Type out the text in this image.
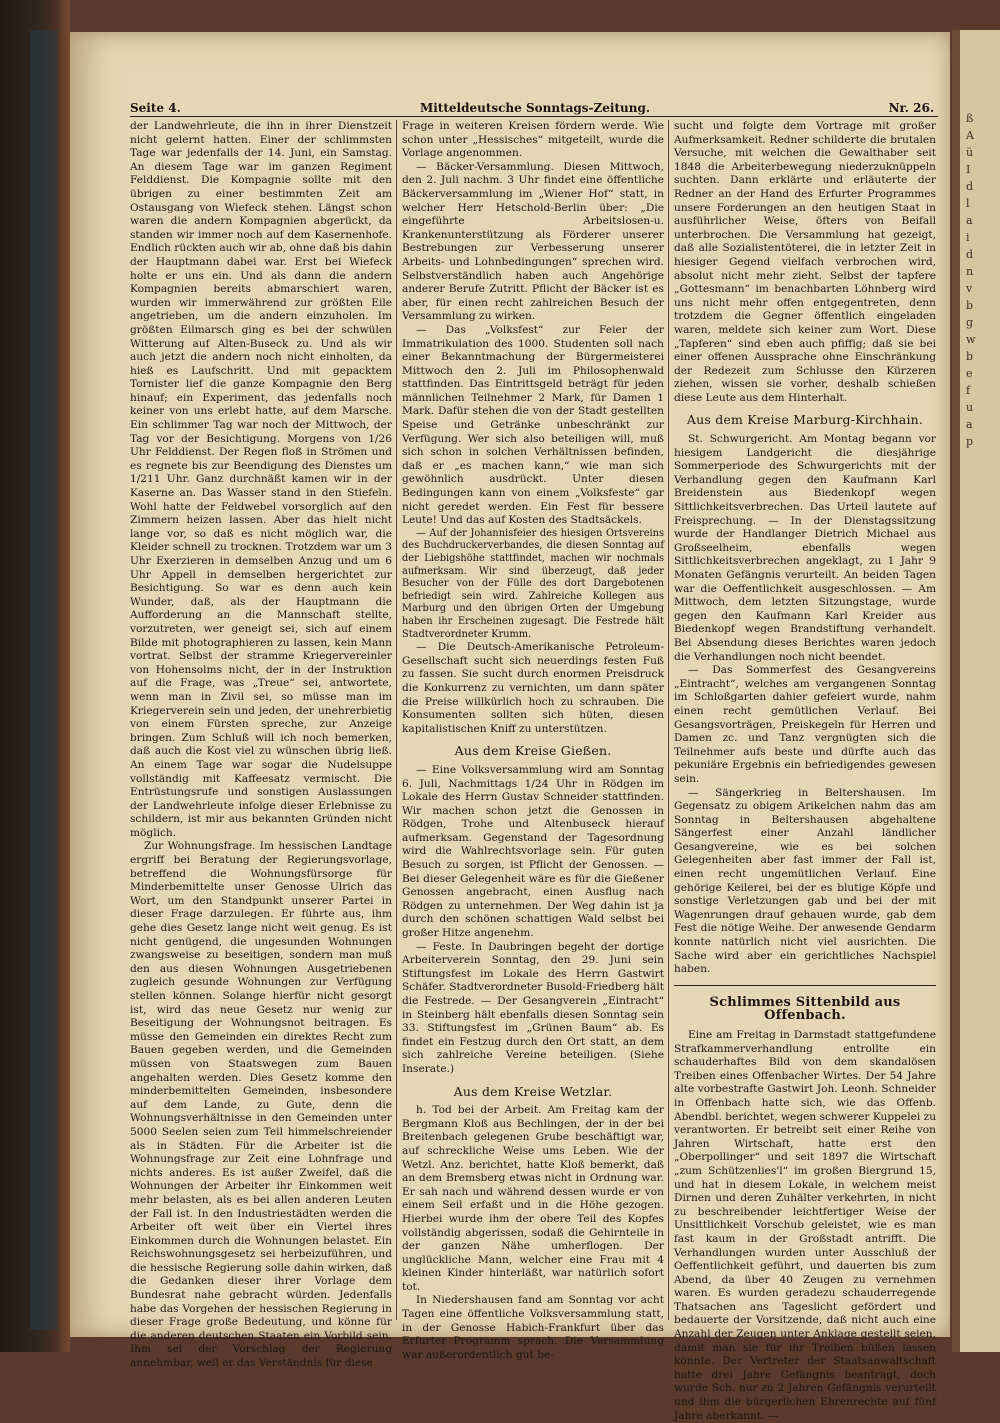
ß
A
ü
I
d
l
a
i
d
n
v
b
g
w
b
e
f
u
a
p
Seite 4.	Mitteldeutsche Sonntags-Zeitung.	Nr. 26.

der Landwehrleute, die ihn in ihrer Dienstzeit nicht gelernt hatten. Einer der schlimmsten Tage war jedenfalls der 14. Juni, ein Samstag. An diesem Tage war im ganzen Regiment Felddienst. Die Kompagnie sollte mit den übrigen zu einer bestimmten Zeit am Ostausgang von Wiefeck stehen. Längst schon waren die andern Kompagnien abgerückt, da standen wir immer noch auf dem Kasernenhofe. Endlich rückten auch wir ab, ohne daß bis dahin der Hauptmann dabei war. Erst bei Wiefeck holte er uns ein. Und als dann die andern Kompagnien bereits abmarschiert waren, wurden wir immerwährend zur größten Eile angetrieben, um die andern einzuholen. Im größten Eilmarsch ging es bei der schwülen Witterung auf Alten-Buseck zu. Und als wir auch jetzt die andern noch nicht einholten, da hieß es Laufschritt. Und mit gepacktem Tornister lief die ganze Kompagnie den Berg hinauf; ein Experiment, das jedenfalls noch keiner von uns erlebt hatte, auf dem Marsche. Ein schlimmer Tag war noch der Mittwoch, der Tag vor der Besichtigung. Morgens von 1/26 Uhr Felddienst. Der Regen floß in Strömen und es regnete bis zur Beendigung des Dienstes um 1/211 Uhr. Ganz durchnäßt kamen wir in der Kaserne an. Das Wasser stand in den Stiefeln. Wohl hatte der Feldwebel vorsorglich auf den Zimmern heizen lassen. Aber das hielt nicht lange vor, so daß es nicht möglich war, die Kleider schnell zu trocknen. Trotzdem war um 3 Uhr Exerzieren in demselben Anzug und um 6 Uhr Appell in demselben hergerichtet zur Besichtigung. So war es denn auch kein Wunder, daß, als der Hauptmann die Aufforderung an die Mannschaft stellte, vorzutreten, wer geneigt sei, sich auf einem Bilde mit photographieren zu lassen, kein Mann vortrat. Selbst der stramme Kriegervereinler von Hohensolms nicht, der in der Instruktion auf die Frage, was „Treue“ sei, antwortete, wenn man in Zivil sei, so müsse man im Kriegerverein sein und jeden, der unehrerbietig von einem Fürsten spreche, zur Anzeige bringen. Zum Schluß will ich noch bemerken, daß auch die Kost viel zu wünschen übrig ließ. An einem Tage war sogar die Nudelsuppe vollständig mit Kaffeesatz vermischt. Die Entrüstungsrufe und sonstigen Auslassungen der Landwehrleute infolge dieser Erlebnisse zu schildern, ist mir aus bekannten Gründen nicht möglich.

Zur Wohnungsfrage. Im hessischen Landtage ergriff bei Beratung der Regierungsvorlage, betreffend die Wohnungsfürsorge für Minderbemittelte unser Genosse Ulrich das Wort, um den Standpunkt unserer Partei in dieser Frage darzulegen. Er führte aus, ihm gehe dies Gesetz lange nicht weit genug. Es ist nicht genügend, die ungesunden Wohnungen zwangsweise zu beseitigen, sondern man muß den aus diesen Wohnungen Ausgetriebenen zugleich gesunde Wohnungen zur Verfügung stellen können. Solange hierfür nicht gesorgt ist, wird das neue Gesetz nur wenig zur Beseitigung der Wohnungsnot beitragen. Es müsse den Gemeinden ein direktes Recht zum Bauen gegeben werden, und die Gemeinden müssen von Staatswegen zum Bauen angehalten werden. Dies Gesetz komme den minderbemittelten Gemeinden, insbesondere auf dem Lande, zu Gute, denn die Wohnungsverhältnisse in den Gemeinden unter 5000 Seelen seien zum Teil himmelschreiender als in Städten. Für die Arbeiter ist die Wohnungsfrage zur Zeit eine Lohnfrage und nichts anderes. Es ist außer Zweifel, daß die Wohnungen der Arbeiter ihr Einkommen weit mehr belasten, als es bei allen anderen Leuten der Fall ist. In den Industriestädten werden die Arbeiter oft weit über ein Viertel ihres Einkommen durch die Wohnungen belastet. Ein Reichswohnungsgesetz sei herbeizuführen, und die hessische Regierung solle dahin wirken, daß die Gedanken dieser ihrer Vorlage dem Bundesrat nahe gebracht würden. Jedenfalls habe das Vorgehen der hessischen Regierung in dieser Frage große Bedeutung, und könne für die anderen deutschen Staaten ein Vorbild sein. Ihm sei der Vorschlag der Regierung annehmbar, weil er das Verständnis für diese

Frage in weiteren Kreisen fördern werde. Wie schon unter „Hessisches“ mitgeteilt, wurde die Vorlage angenommen.

— Bäcker-Versammlung. Diesen Mittwoch, den 2. Juli nachm. 3 Uhr findet eine öffentliche Bäckerversammlung im „Wiener Hof“ statt, in welcher Herr Hetschold-Berlin über: „Die eingeführte Arbeitslosen-u. Krankenunterstützung als Förderer unserer Bestrebungen zur Verbesserung unserer Arbeits- und Lohnbedingungen“ sprechen wird. Selbstverständlich haben auch Angehörige anderer Berufe Zutritt. Pflicht der Bäcker ist es aber, für einen recht zahlreichen Besuch der Versammlung zu wirken.

— Das „Volksfest“ zur Feier der Immatrikulation des 1000. Studenten soll nach einer Bekanntmachung der Bürgermeisterei Mittwoch den 2. Juli im Philosophenwald stattfinden. Das Eintrittsgeld beträgt für jeden männlichen Teilnehmer 2 Mark, für Damen 1 Mark. Dafür stehen die von der Stadt gestellten Speise und Getränke unbeschränkt zur Verfügung. Wer sich also beteiligen will, muß sich schon in solchen Verhältnissen befinden, daß er „es machen kann,“ wie man sich gewöhnlich ausdrückt. Unter diesen Bedingungen kann von einem „Volksfeste“ gar nicht geredet werden. Ein Fest für bessere Leute! Und das auf Kosten des Stadtsäckels.

— Auf der Johannisfeier des hiesigen Ortsvereins des Buchdruckerverbandes, die diesen Sonntag auf der Liebigshöhe stattfindet, machen wir nochmals aufmerksam. Wir sind überzeugt, daß jeder Besucher von der Fülle des dort Dargebotenen befriedigt sein wird. Zahlreiche Kollegen aus Marburg und den übrigen Orten der Umgebung haben ihr Erscheinen zugesagt. Die Festrede hält Stadtverordneter Krumm.

— Die Deutsch-Amerikanische Petroleum-Gesellschaft sucht sich neuerdings festen Fuß zu fassen. Sie sucht durch enormen Preisdruck die Konkurrenz zu vernichten, um dann später die Preise willkürlich hoch zu schrauben. Die Konsumenten sollten sich hüten, diesen kapitalistischen Kniff zu unterstützen.

Aus dem Kreise Gießen.

— Eine Volksversammlung wird am Sonntag 6. Juli, Nachmittags 1/24 Uhr in Rödgen im Lokale des Herrn Gustav Schneider stattfinden. Wir machen schon jetzt die Genossen in Rödgen, Trohe und Altenbuseck hierauf aufmerksam. Gegenstand der Tagesordnung wird die Wahlrechtsvorlage sein. Für guten Besuch zu sorgen, ist Pflicht der Genossen. — Bei dieser Gelegenheit wäre es für die Gießener Genossen angebracht, einen Ausflug nach Rödgen zu unternehmen. Der Weg dahin ist ja durch den schönen schattigen Wald selbst bei großer Hitze angenehm.

— Feste. In Daubringen begeht der dortige Arbeiterverein Sonntag, den 29. Juni sein Stiftungsfest im Lokale des Herrn Gastwirt Schäfer. Stadtverordneter Busold-Friedberg hält die Festrede. — Der Gesangverein „Eintracht“ in Steinberg hält ebenfalls diesen Sonntag sein 33. Stiftungsfest im „Grünen Baum“ ab. Es findet ein Festzug durch den Ort statt, an dem sich zahlreiche Vereine beteiligen. (Siehe Inserate.)

Aus dem Kreise Wetzlar.

h. Tod bei der Arbeit. Am Freitag kam der Bergmann Kloß aus Bechlingen, der in der bei Breitenbach gelegenen Grube beschäftigt war, auf schreckliche Weise ums Leben. Wie der Wetzl. Anz. berichtet, hatte Kloß bemerkt, daß an dem Bremsberg etwas nicht in Ordnung war. Er sah nach und während dessen wurde er von einem Seil erfaßt und in die Höhe gezogen. Hierbei wurde ihm der obere Teil des Kopfes vollständig abgerissen, sodaß die Gehirnteile in der ganzen Nähe umherflogen. Der unglückliche Mann, welcher eine Frau mit 4 kleinen Kinder hinterläßt, war natürlich sofort tot.

In Niedershausen fand am Sonntag vor acht Tagen eine öffentliche Volksversammlung statt, in der Genosse Habich-Frankfurt über das Erfurter Programm sprach. Die Versammlung war außerordentlich gut be-

sucht und folgte dem Vortrage mit großer Aufmerksamkeit. Redner schilderte die brutalen Versuche, mit welchen die Gewalthaber seit 1848 die Arbeiterbewegung niederzuknüppeln suchten. Dann erklärte und erläuterte der Redner an der Hand des Erfurter Programmes unsere Forderungen an den heutigen Staat in ausführlicher Weise, öfters von Beifall unterbrochen. Die Versammlung hat gezeigt, daß alle Sozialistentöterei, die in letzter Zeit in hiesiger Gegend vielfach verbrochen wird, absolut nicht mehr zieht. Selbst der tapfere „Gottesmann“ im benachbarten Löhnberg wird uns nicht mehr offen entgegentreten, denn trotzdem die Gegner öffentlich eingeladen waren, meldete sich keiner zum Wort. Diese „Tapferen“ sind eben auch pfiffig; daß sie bei einer offenen Aussprache ohne Einschränkung der Redezeit zum Schlusse den Kürzeren ziehen, wissen sie vorher, deshalb schießen diese Leute aus dem Hinterhalt.

Aus dem Kreise Marburg-Kirchhain.

St. Schwurgericht. Am Montag begann vor hiesigem Landgericht die diesjährige Sommerperiode des Schwurgerichts mit der Verhandlung gegen den Kaufmann Karl Breidenstein aus Biedenkopf wegen Sittlichkeitsverbrechen. Das Urteil lautete auf Freisprechung. — In der Dienstagssitzung wurde der Handlanger Dietrich Michael aus Großseelheim, ebenfalls wegen Sittlichkeitsverbrechen angeklagt, zu 1 Jahr 9 Monaten Gefängnis verurteilt. An beiden Tagen war die Oeffentlichkeit ausgeschlossen. — Am Mittwoch, dem letzten Sitzungstage, wurde gegen den Kaufmann Karl Kreider aus Biedenkopf wegen Brandstiftung verhandelt. Bei Absendung dieses Berichtes waren jedoch die Verhandlungen noch nicht beendet.

— Das Sommerfest des Gesangvereins „Eintracht“, welches am vergangenen Sonntag im Schloßgarten dahier gefeiert wurde, nahm einen recht gemütlichen Verlauf. Bei Gesangsvorträgen, Preiskegeln für Herren und Damen zc. und Tanz vergnügten sich die Teilnehmer aufs beste und dürfte auch das pekuniäre Ergebnis ein befriedigendes gewesen sein.

— Sängerkrieg in Beltershausen. Im Gegensatz zu obigem Arikelchen nahm das am Sonntag in Beltershausen abgehaltene Sängerfest einer Anzahl ländlicher Gesangvereine, wie es bei solchen Gelegenheiten aber fast immer der Fall ist, einen recht ungemütlichen Verlauf. Eine gehörige Keilerei, bei der es blutige Köpfe und sonstige Verletzungen gab und bei der mit Wagenrungen drauf gehauen wurde, gab dem Fest die nötige Weihe. Der anwesende Gendarm konnte natürlich nicht viel ausrichten. Die Sache wird aber ein gerichtliches Nachspiel haben.

Schlimmes Sittenbild aus Offenbach.

Eine am Freitag in Darmstadt stattgefundene Strafkammerverhandlung entrollte ein schauderhaftes Bild von dem skandalösen Treiben eines Offenbacher Wirtes. Der 54 Jahre alte vorbestrafte Gastwirt Joh. Leonh. Schneider in Offenbach hatte sich, wie das Offenb. Abendbl. berichtet, wegen schwerer Kuppelei zu verantworten. Er betreibt seit einer Reihe von Jahren Wirtschaft, hatte erst den „Oberpollinger“ und seit 1897 die Wirtschaft „zum Schützenlies'l“ im großen Biergrund 15, und hat in diesem Lokale, in welchem meist Dirnen und deren Zuhälter verkehrten, in nicht zu beschreibender leichtfertiger Weise der Unsittlichkeit Vorschub geleistet, wie es man fast kaum in der Großstadt antrifft. Die Verhandlungen wurden unter Ausschluß der Oeffentlichkeit geführt, und dauerten bis zum Abend, da über 40 Zeugen zu vernehmen waren. Es wurden geradezu schauderregende Thatsachen ans Tageslicht gefördert und bedauerte der Vorsitzende, daß nicht auch eine Anzahl der Zeugen unter Anklage gestellt seien, damit man sie für ihr Treiben büßen lassen könnte. Der Vertreter der Staatsanwaltschaft hatte drei Jahre Gefängnis beantragt, doch wurde Sch. nur zu 2 Jahren Gefängnis verurteilt und ihm die bürgerlichen Ehrenrechte auf fünf Jahre aberkannt. —
